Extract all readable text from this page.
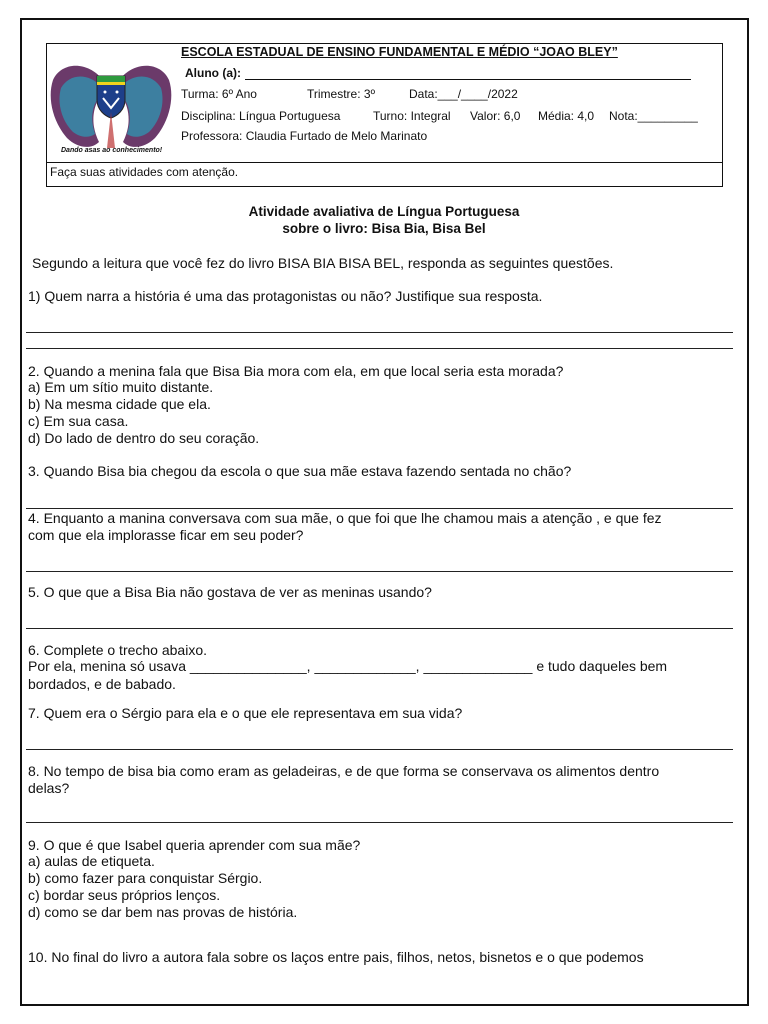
Dando asas ao conhecimento!
ESCOLA ESTADUAL DE ENSINO FUNDAMENTAL E MÉDIO “JOAO BLEY”
Aluno (a):
Turma: 6º Ano	Trimestre: 3º	Data:___/____/2022
Disciplina: Língua Portuguesa	Turno: Integral Valor: 6,0 Média: 4,0 Nota:_________
Professora: Claudia Furtado de Melo Marinato
Faça suas atividades com atenção.
Atividade avaliativa de Língua Portuguesa
sobre o livro: Bisa Bia, Bisa Bel
Segundo a leitura que você fez do livro BISA BIA BISA BEL, responda as seguintes questões.
1) Quem narra a história é uma das protagonistas ou não? Justifique sua resposta.
2. Quando a menina fala que Bisa Bia mora com ela, em que local seria esta morada?
a) Em um sítio muito distante.
b) Na mesma cidade que ela.
c) Em sua casa.
d) Do lado de dentro do seu coração.
3. Quando Bisa bia chegou da escola o que sua mãe estava fazendo sentada no chão?
4. Enquanto a manina conversava com sua mãe, o que foi que lhe chamou mais a atenção , e que fez
com que ela implorasse ficar em seu poder?
5. O que que a Bisa Bia não gostava de ver as meninas usando?
6. Complete o trecho abaixo.
Por ela, menina só usava _______________, _____________, ______________ e tudo daqueles bem
bordados, e de babado.
7. Quem era o Sérgio para ela e o que ele representava em sua vida?
8. No tempo de bisa bia como eram as geladeiras, e de que forma se conservava os alimentos dentro
delas?
9. O que é que Isabel queria aprender com sua mãe?
a) aulas de etiqueta.
b) como fazer para conquistar Sérgio.
c) bordar seus próprios lenços.
d) como se dar bem nas provas de história.
10. No final do livro a autora fala sobre os laços entre pais, filhos, netos, bisnetos e o que podemos
